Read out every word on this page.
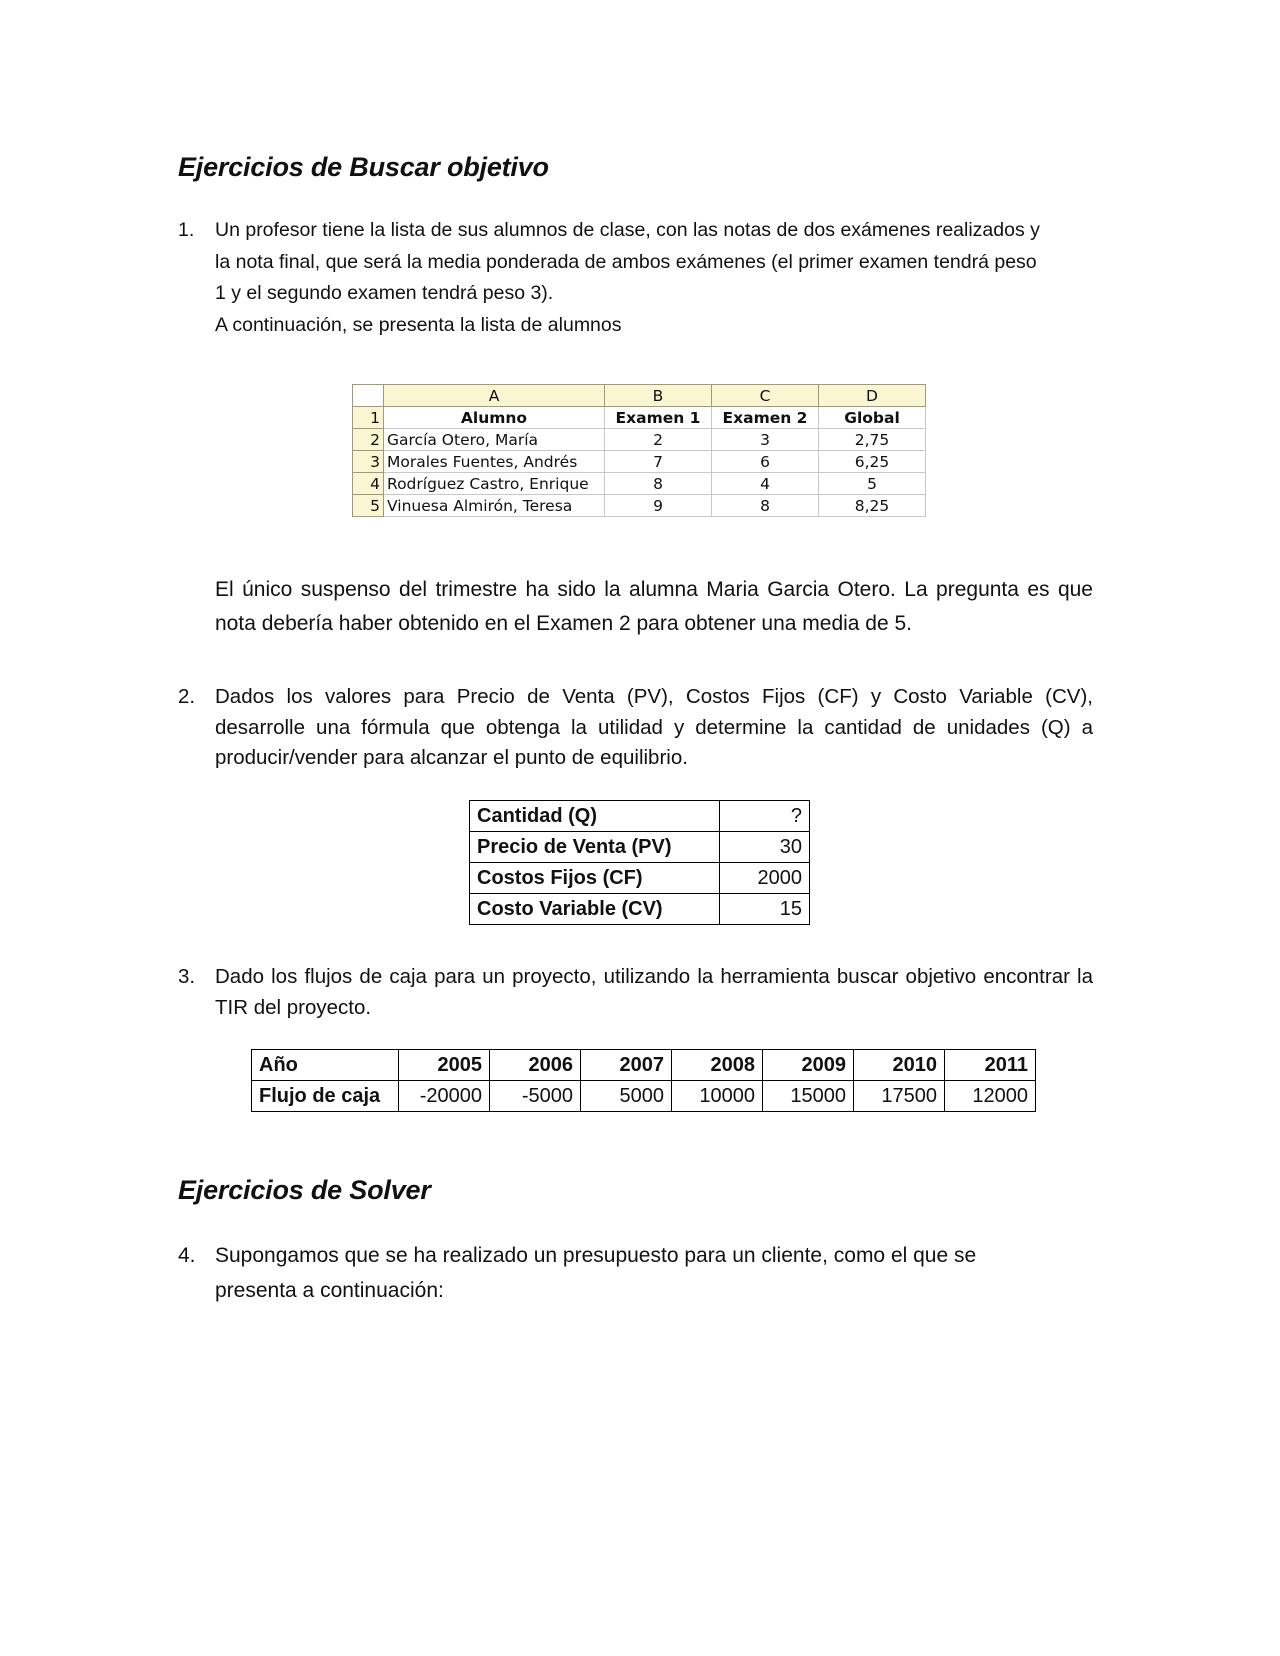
Ejercicios de Buscar objetivo
1. Un profesor tiene la lista de sus alumnos de clase, con las notas de dos exámenes realizados y

la nota final, que será la media ponderada de ambos exámenes (el primer examen tendrá peso

1 y el segundo examen tendrá peso 3).

A continuación, se presenta la lista de alumnos

	A	B	C	D
1	Alumno	Examen 1	Examen 2	Global
2	García Otero, María	2	3	2,75
3	Morales Fuentes, Andrés	7	6	6,25
4	Rodríguez Castro, Enrique	8	4	5
5	Vinuesa Almirón, Teresa	9	8	8,25

El único suspenso del trimestre ha sido la alumna Maria Garcia Otero. La pregunta es que nota debería haber obtenido en el Examen 2 para obtener una media de 5.

2. Dados los valores para Precio de Venta (PV), Costos Fijos (CF) y Costo Variable (CV), desarrolle una fórmula que obtenga la utilidad y determine la cantidad de unidades (Q) a producir/vender para alcanzar el punto de equilibrio.

Cantidad (Q)	?
Precio de Venta (PV)	30
Costos Fijos (CF)	2000
Costo Variable (CV)	15
3. Dado los flujos de caja para un proyecto, utilizando la herramienta buscar objetivo encontrar la TIR del proyecto.

Año	2005	2006	2007	2008	2009	2010	2011
Flujo de caja	-20000	-5000	5000	10000	15000	17500	12000
Ejercicios de Solver
4. Supongamos que se ha realizado un presupuesto para un cliente, como el que se

presenta a continuación:
